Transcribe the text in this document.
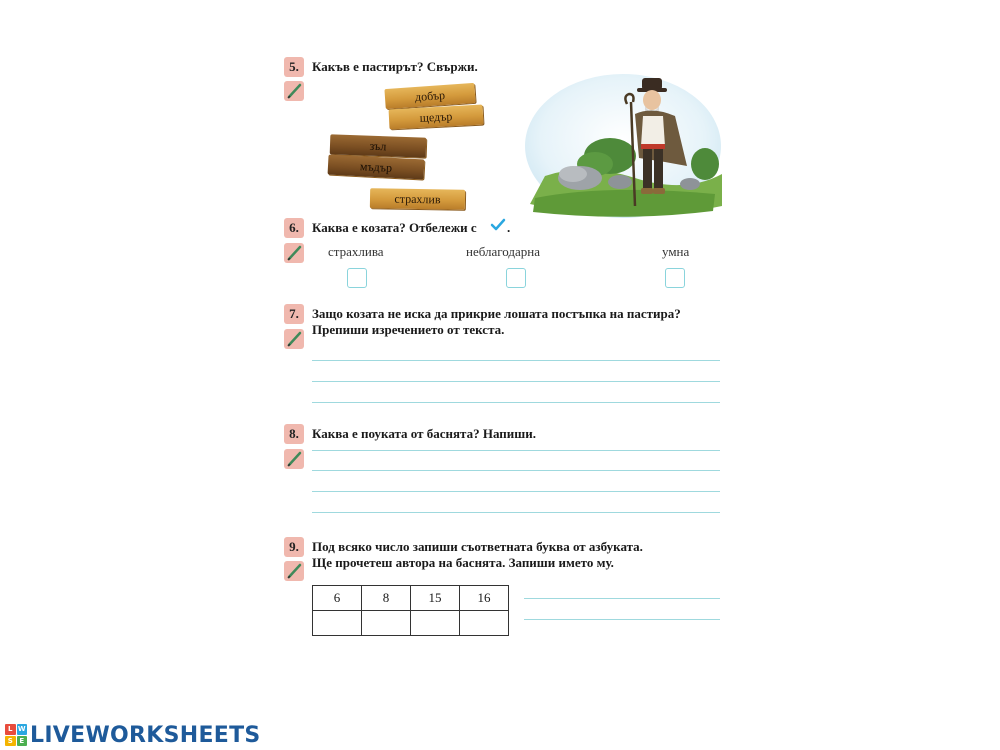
5.	Какъв е пастирът? Свържи.
добър
щедър
зъл
мъдър
страхлив
6.	Каква е козата? Отбележи с .
страхлива	неблагодарна	умна
7.	Защо козата не иска да прикрие лошата постъпка на пастира?
Препиши изречението от текста.
8.	Каква е поуката от баснята? Напиши.
9.	Под всяко число запиши съответната буква от азбуката.
Ще прочетеш автора на баснята. Запиши името му.
6	8	15	16

L W
S E LIVEWORKSHEETS
